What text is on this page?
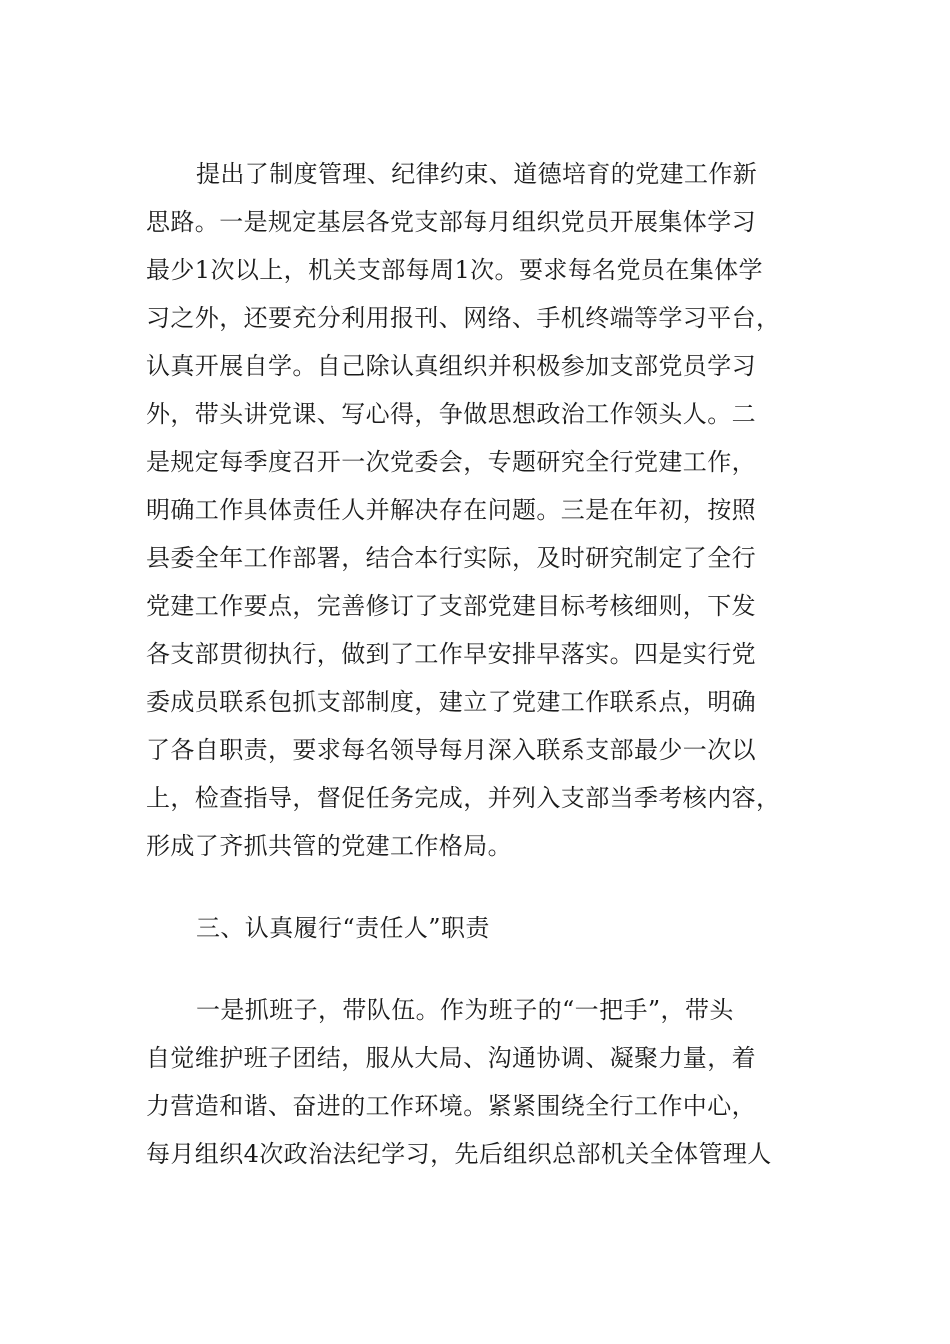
提出了制度管理、纪律约束、道德培育的党建工作新

思路。一是规定基层各党支部每月组织党员开展集体学习

最少1次以上，机关支部每周1次。要求每名党员在集体学

习之外，还要充分利用报刊、网络、手机终端等学习平台，

认真开展自学。自己除认真组织并积极参加支部党员学习

外，带头讲党课、写心得，争做思想政治工作领头人。二

是规定每季度召开一次党委会，专题研究全行党建工作，

明确工作具体责任人并解决存在问题。三是在年初，按照

县委全年工作部署，结合本行实际，及时研究制定了全行

党建工作要点，完善修订了支部党建目标考核细则，下发

各支部贯彻执行，做到了工作早安排早落实。四是实行党

委成员联系包抓支部制度，建立了党建工作联系点，明确

了各自职责，要求每名领导每月深入联系支部最少一次以

上，检查指导，督促任务完成，并列入支部当季考核内容，

形成了齐抓共管的党建工作格局。

三、认真履行“责任人”职责

一是抓班子，带队伍。作为班子的“一把手”，带头

自觉维护班子团结，服从大局、沟通协调、凝聚力量，着

力营造和谐、奋进的工作环境。紧紧围绕全行工作中心，

每月组织4次政治法纪学习，先后组织总部机关全体管理人
